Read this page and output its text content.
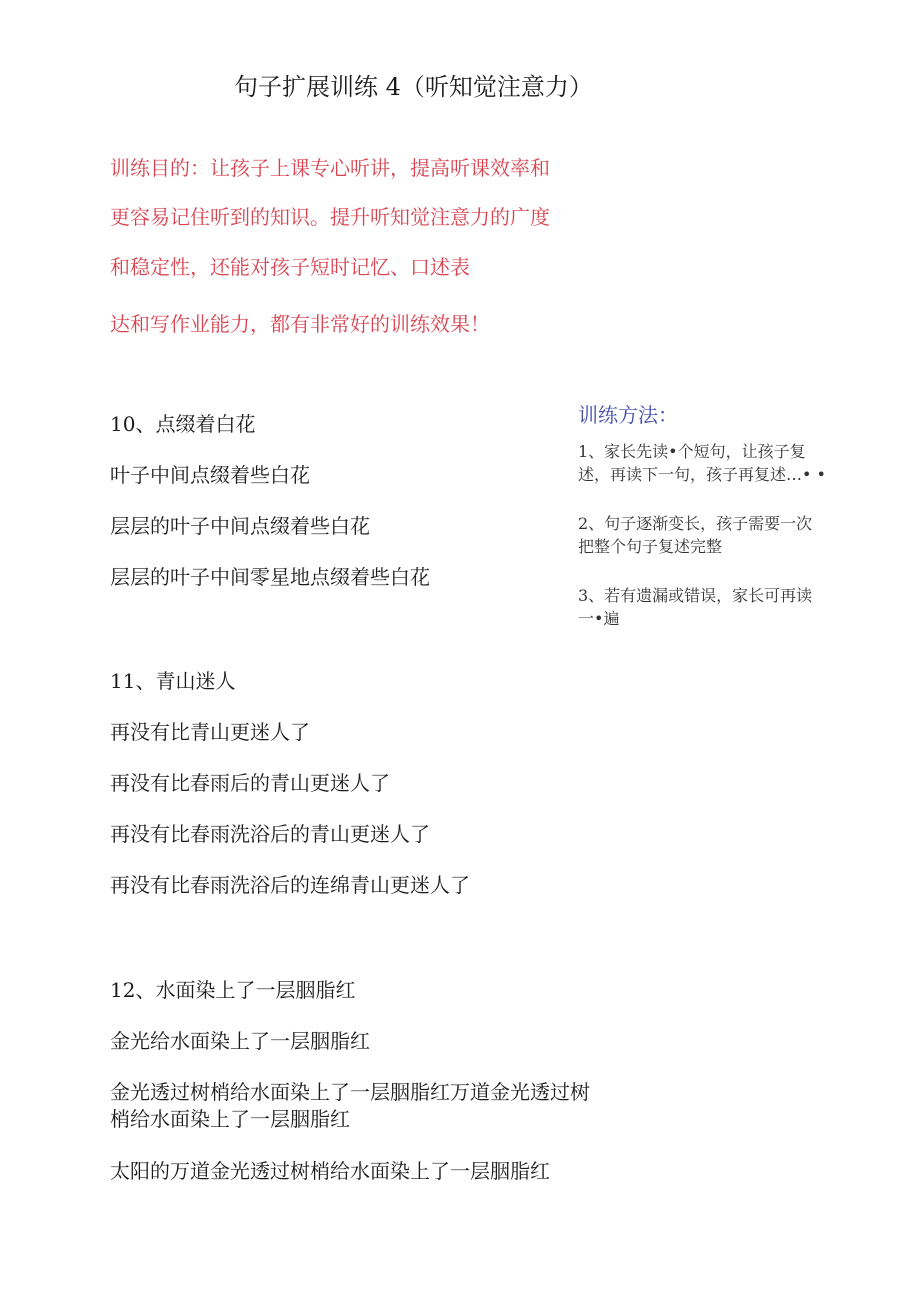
句子扩展训练 4（听知觉注意力）
训练目的：让孩子上课专心听讲，提高听课效率和
更容易记住听到的知识。提升听知觉注意力的广度
和稳定性，还能对孩子短时记忆、口述表
达和写作业能力，都有非常好的训练效果！
训练方法：
1、家长先读•个短句，让孩子复
述，再读下一句，孩子再复述…• •
2、句子逐渐变长，孩子需要一次
把整个句子复述完整
3、若有遗漏或错误，家长可再读
一•遍
10、点缀着白花
叶子中间点缀着些白花
层层的叶子中间点缀着些白花
层层的叶子中间零星地点缀着些白花
11、青山迷人
再没有比青山更迷人了
再没有比春雨后的青山更迷人了
再没有比春雨洗浴后的青山更迷人了
再没有比春雨洗浴后的连绵青山更迷人了
12、水面染上了一层胭脂红
金光给水面染上了一层胭脂红
金光透过树梢给水面染上了一层胭脂红万道金光透过树梢给水面染上了一层胭脂红
太阳的万道金光透过树梢给水面染上了一层胭脂红
